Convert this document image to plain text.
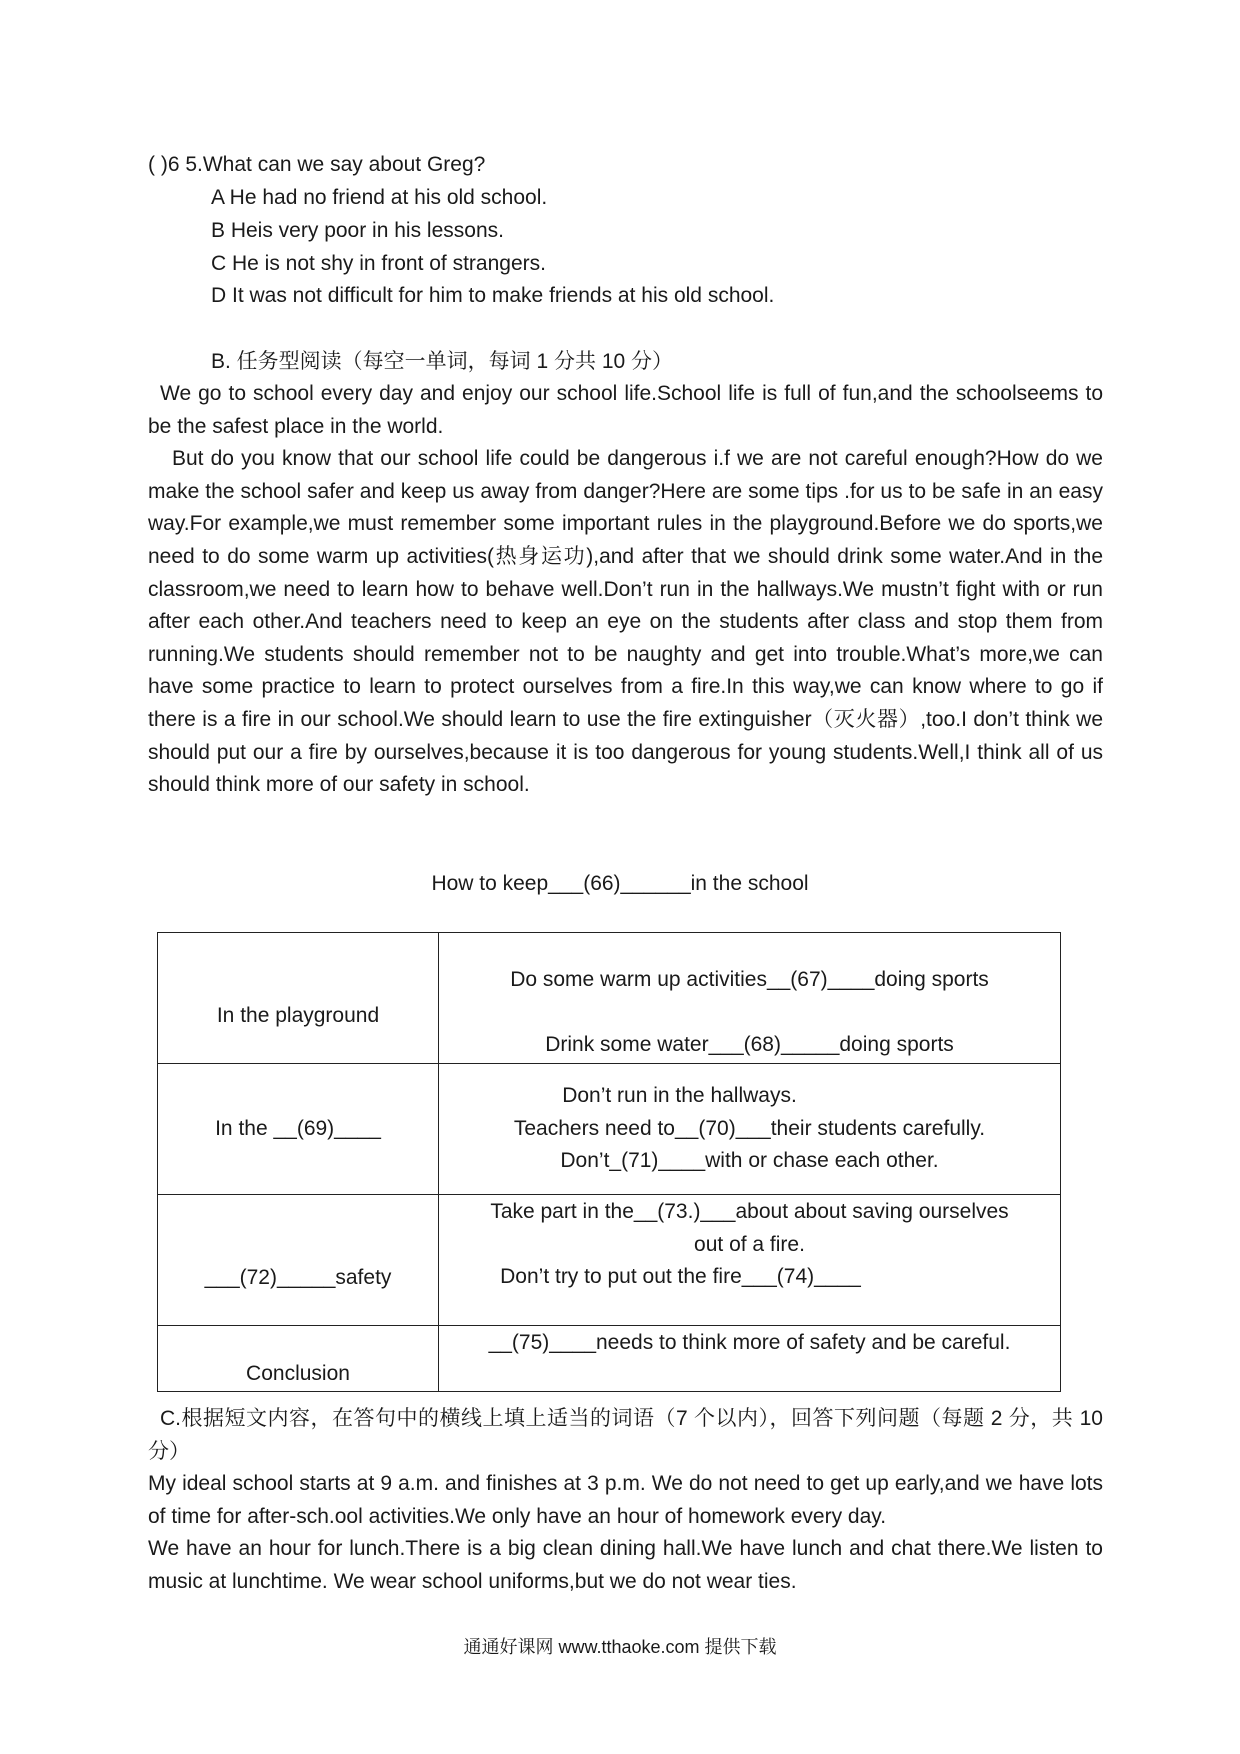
( )6 5.What can we say about Greg?
A He had no friend at his old school.
B Heis very poor in his lessons.
C He is not shy in front of strangers.
D It was not difficult for him to make friends at his old school.
B. 任务型阅读（每空一单词，每词 1 分共 10 分）

We go to school every day and enjoy our school life.School life is full of fun,and the schoolseems to be the safest place in the world.

But do you know that our school life could be dangerous i.f we are not careful enough?How do we make the school safer and keep us away from danger?Here are some tips .for us to be safe in an easy way.For example,we must remember some important rules in the playground.Before we do sports,we need to do some warm up activities(热身运功),and after that we should drink some water.And in the classroom,we need to learn how to behave well.Don’t run in the hallways.We mustn’t fight with or run after each other.And teachers need to keep an eye on the students after class and stop them from running.We students should remember not to be naughty and get into trouble.What’s more,we can have some practice to learn to protect ourselves from a fire.In this way,we can know where to go if there is a fire in our school.We should learn to use the fire extinguisher（灭火器）,too.I don’t think we should put our a fire by ourselves,because it is too dangerous for young students.Well,I think all of us should think more of our safety in school.

How to keep___(66)______in the school
In the playground	Do some warm up activities__(67)____doing sports
Drink some water___(68)_____doing sports

In the __(69)____	Don’t run in the hallways.
Teachers need to__(70)___their students carefully.
Don’t_(71)____with or chase each other.

___(72)_____safety	Take part in the__(73.)___about about saving ourselves
out of a fire.
Don’t try to put out the fire___(74)____

Conclusion	__(75)____needs to think more of safety and be careful.

C.根据短文内容，在答句中的横线上填上适当的词语（7 个以内），回答下列问题（每题 2 分，共 10 分）

My ideal school starts at 9 a.m. and finishes at 3 p.m. We do not need to get up early,and we have lots of time for after-sch.ool activities.We only have an hour of homework every day.

We have an hour for lunch.There is a big clean dining hall.We have lunch and chat there.We listen to music at lunchtime. We wear school uniforms,but we do not wear ties.

通通好课网 www.tthaoke.com 提供下载
